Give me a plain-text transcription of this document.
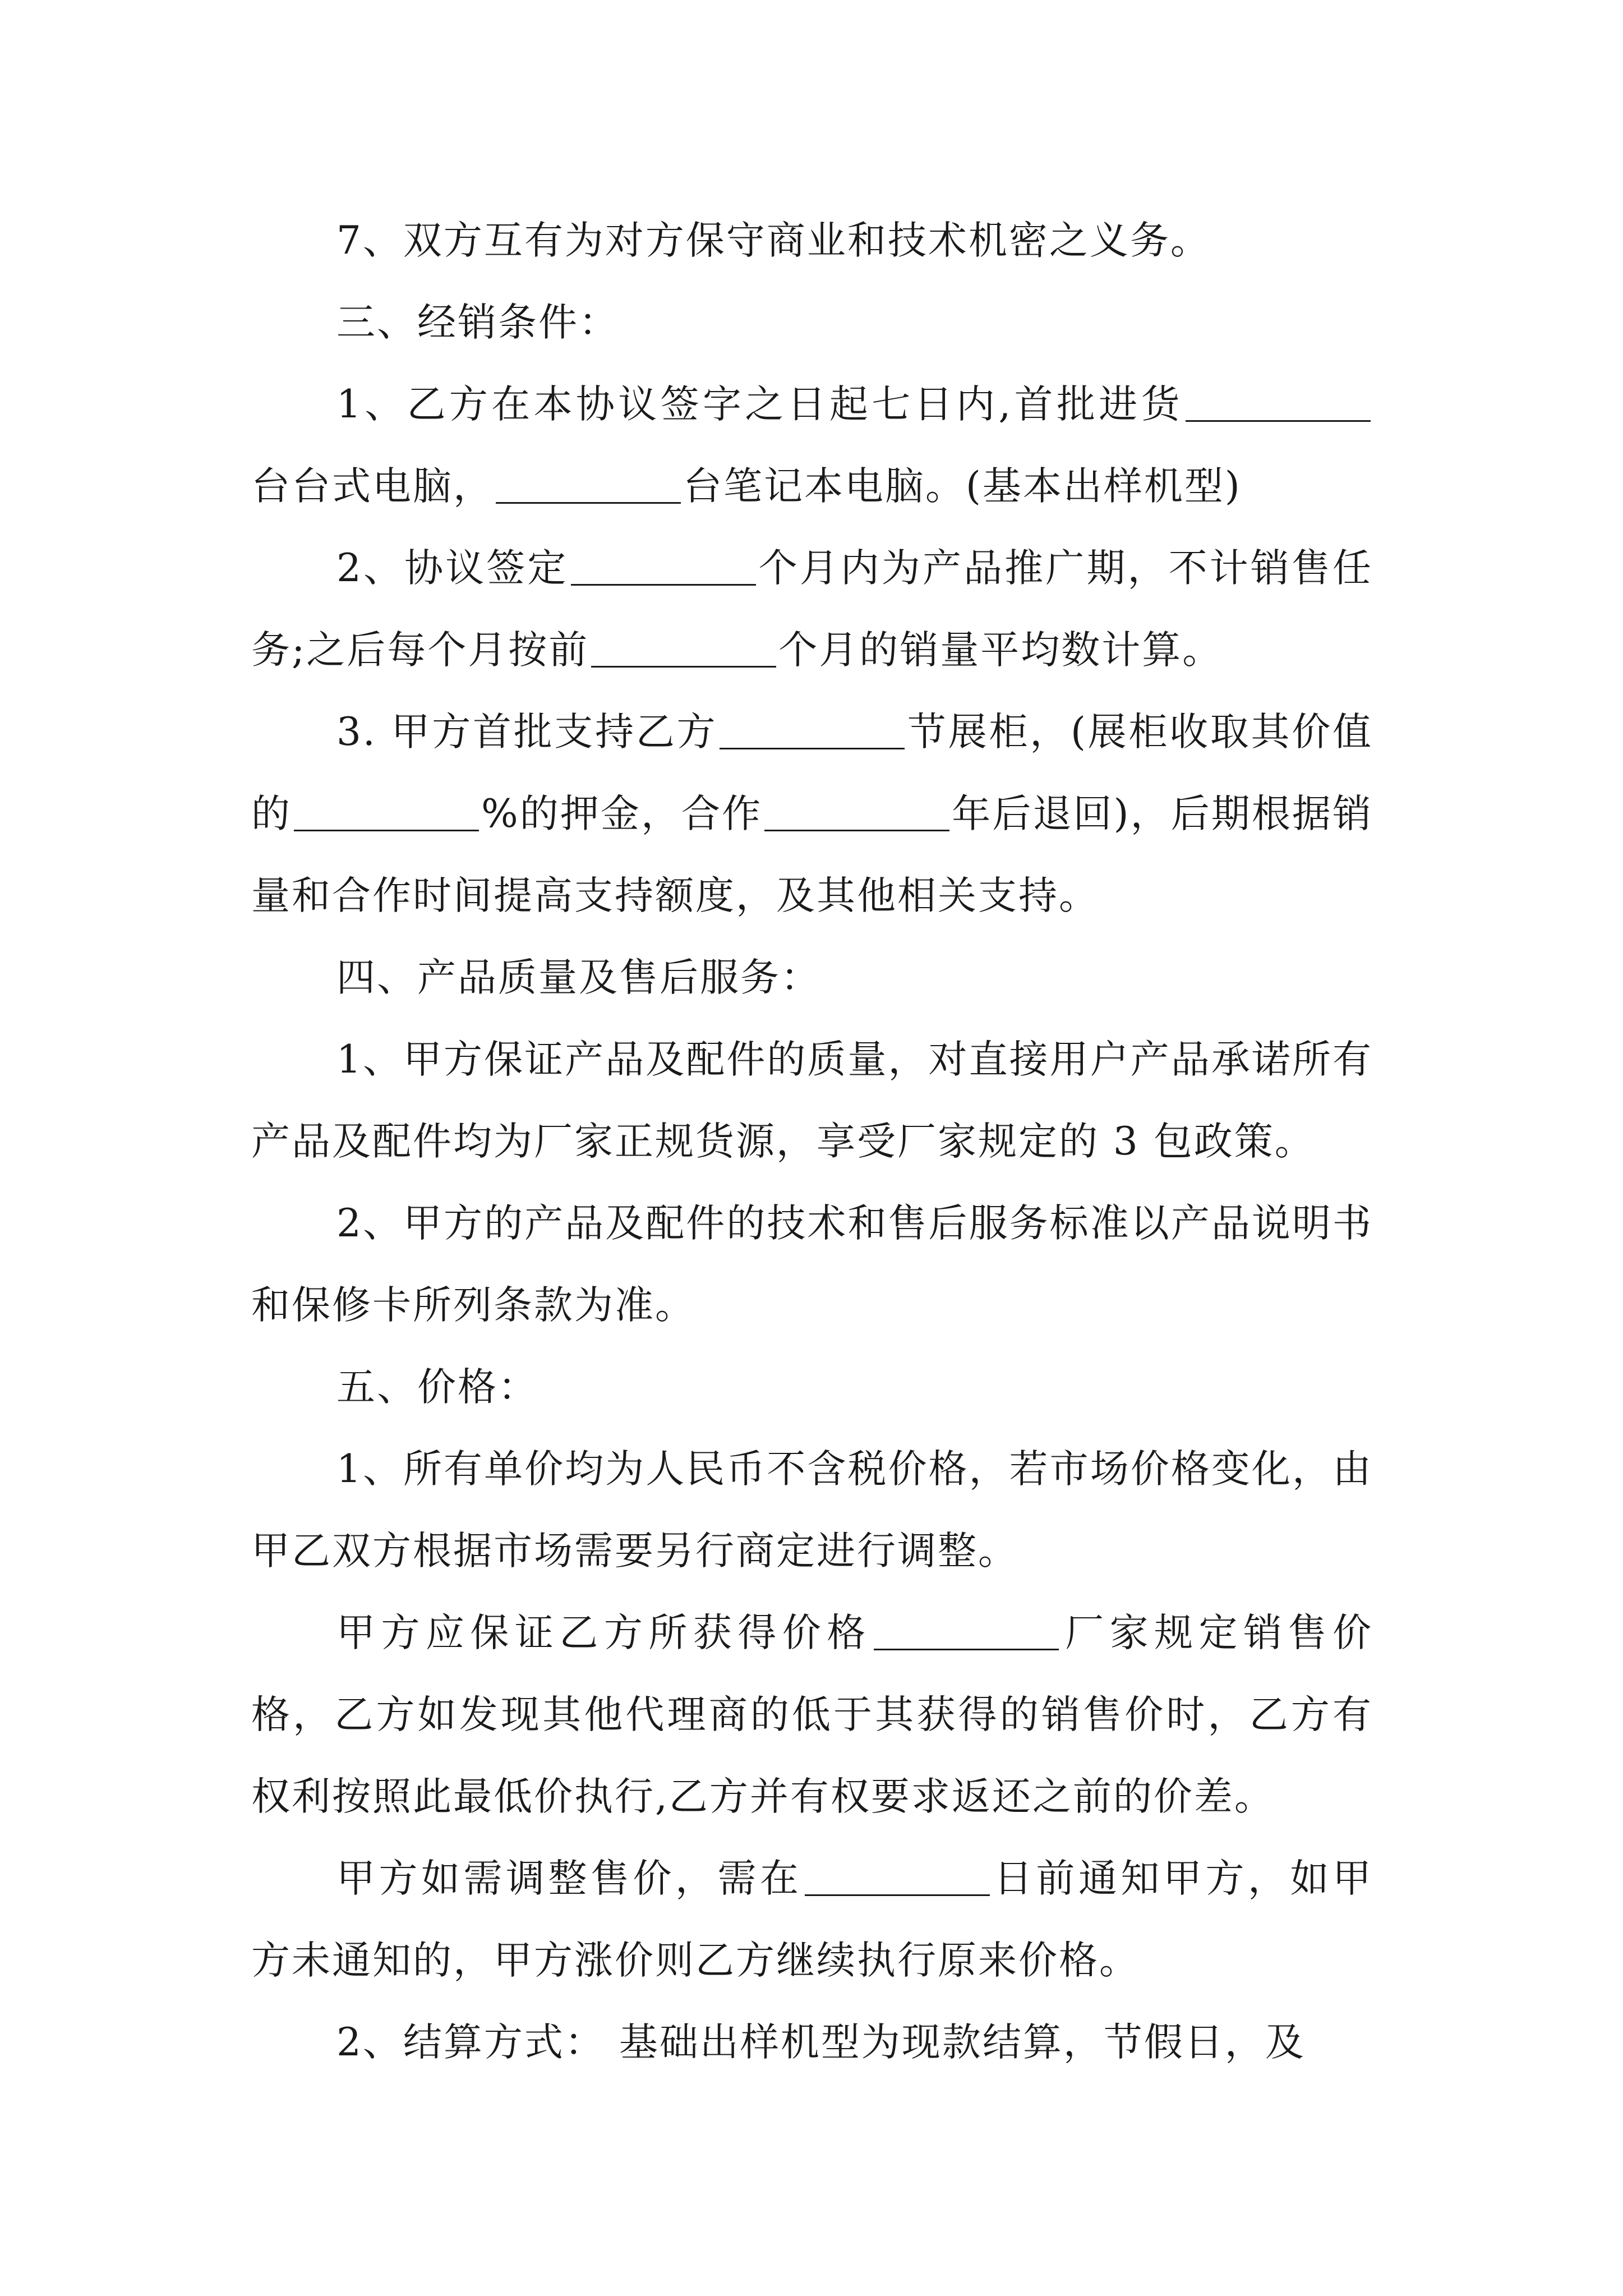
7、双方互有为对方保守商业和技术机密之义务。

三、经销条件：

1、乙方在本协议签字之日起七日内,首批进货台台式电脑，	台笔记本电脑。(基本出样机型)

2、协议签定	个月内为产品推广期，不计销售任务;之后每个月按前	个月的销量平均数计算。

3. 甲方首批支持乙方	节展柜，(展柜收取其价值的	%的押金，合作	年后退回)，后期根据销量和合作时间提高支持额度，及其他相关支持。

四、产品质量及售后服务：

1、甲方保证产品及配件的质量，对直接用户产品承诺所有产品及配件均为厂家正规货源，享受厂家规定的 3 包政策。

2、甲方的产品及配件的技术和售后服务标准以产品说明书和保修卡所列条款为准。

五、价格：

1、所有单价均为人民币不含税价格，若市场价格变化，由甲乙双方根据市场需要另行商定进行调整。

甲方应保证乙方所获得价格	厂家规定销售价格，乙方如发现其他代理商的低于其获得的销售价时，乙方有权利按照此最低价执行,乙方并有权要求返还之前的价差。

甲方如需调整售价，需在	日前通知甲方，如甲方未通知的，甲方涨价则乙方继续执行原来价格。

2、结算方式： 基础出样机型为现款结算，节假日，及
